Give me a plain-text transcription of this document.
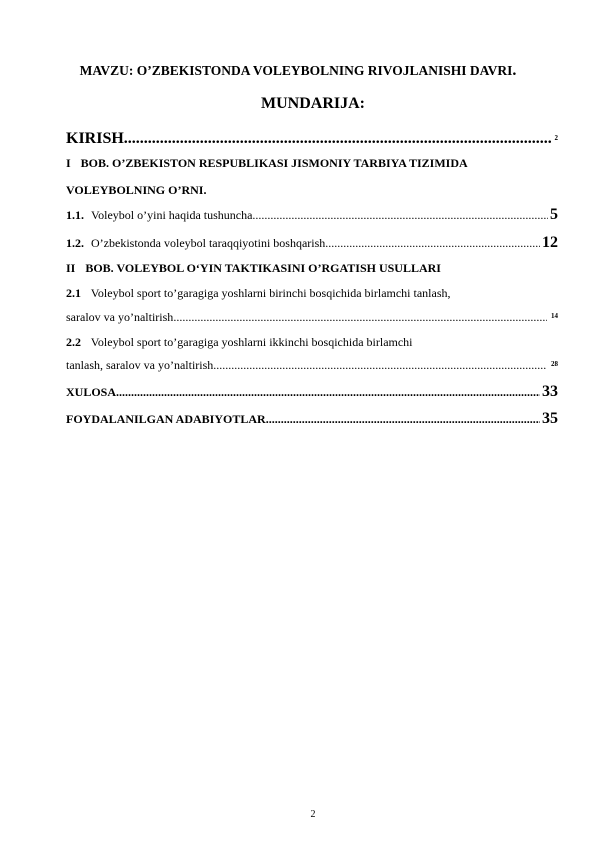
MAVZU: O’ZBEKISTONDA VOLEYBOLNING RIVOJLANISHI DAVRI.
MUNDARIJA:
KIRISH .....	2
I BOB. O’ZBEKISTON RESPUBLIKASI JISMONIY TARBIYA TIZIMIDA
VOLEYBOLNING O’RNI.
1.1. Voleybol o’yini haqida tushuncha .....	5
1.2. O’zbekistonda voleybol taraqqiyotini boshqarish .....	12
II BOB. VOLEYBOL O‘YIN TAKTIKASINI O’RGATISH USULLARI
2.1 Voleybol sport to’garagiga yoshlarni birinchi bosqichida birlamchi tanlash,
saralov va yo’naltirish .....	14
2.2 Voleybol sport to’garagiga yoshlarni ikkinchi bosqichida birlamchi
tanlash, saralov va yo’naltirish .....	28
XULOSA .....	33
FOYDALANILGAN ADABIYOTLAR .....	35
2
